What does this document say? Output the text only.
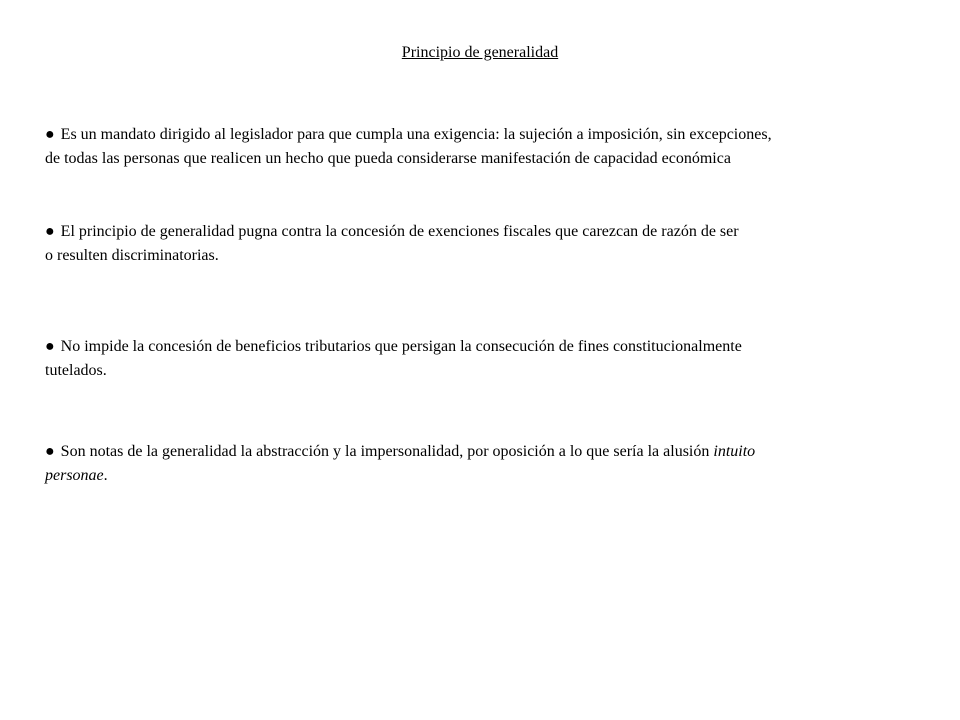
Principio de generalidad

● Es un mandato dirigido al legislador para que cumpla una exigencia: la sujeción a imposición, sin excepciones,
de todas las personas que realicen un hecho que pueda considerarse manifestación de capacidad económica

● El principio de generalidad pugna contra la concesión de exenciones fiscales que carezcan de razón de ser
o resulten discriminatorias.

● No impide la concesión de beneficios tributarios que persigan la consecución de fines constitucionalmente
tutelados.

● Son notas de la generalidad la abstracción y la impersonalidad, por oposición a lo que sería la alusión intuito
personae.
